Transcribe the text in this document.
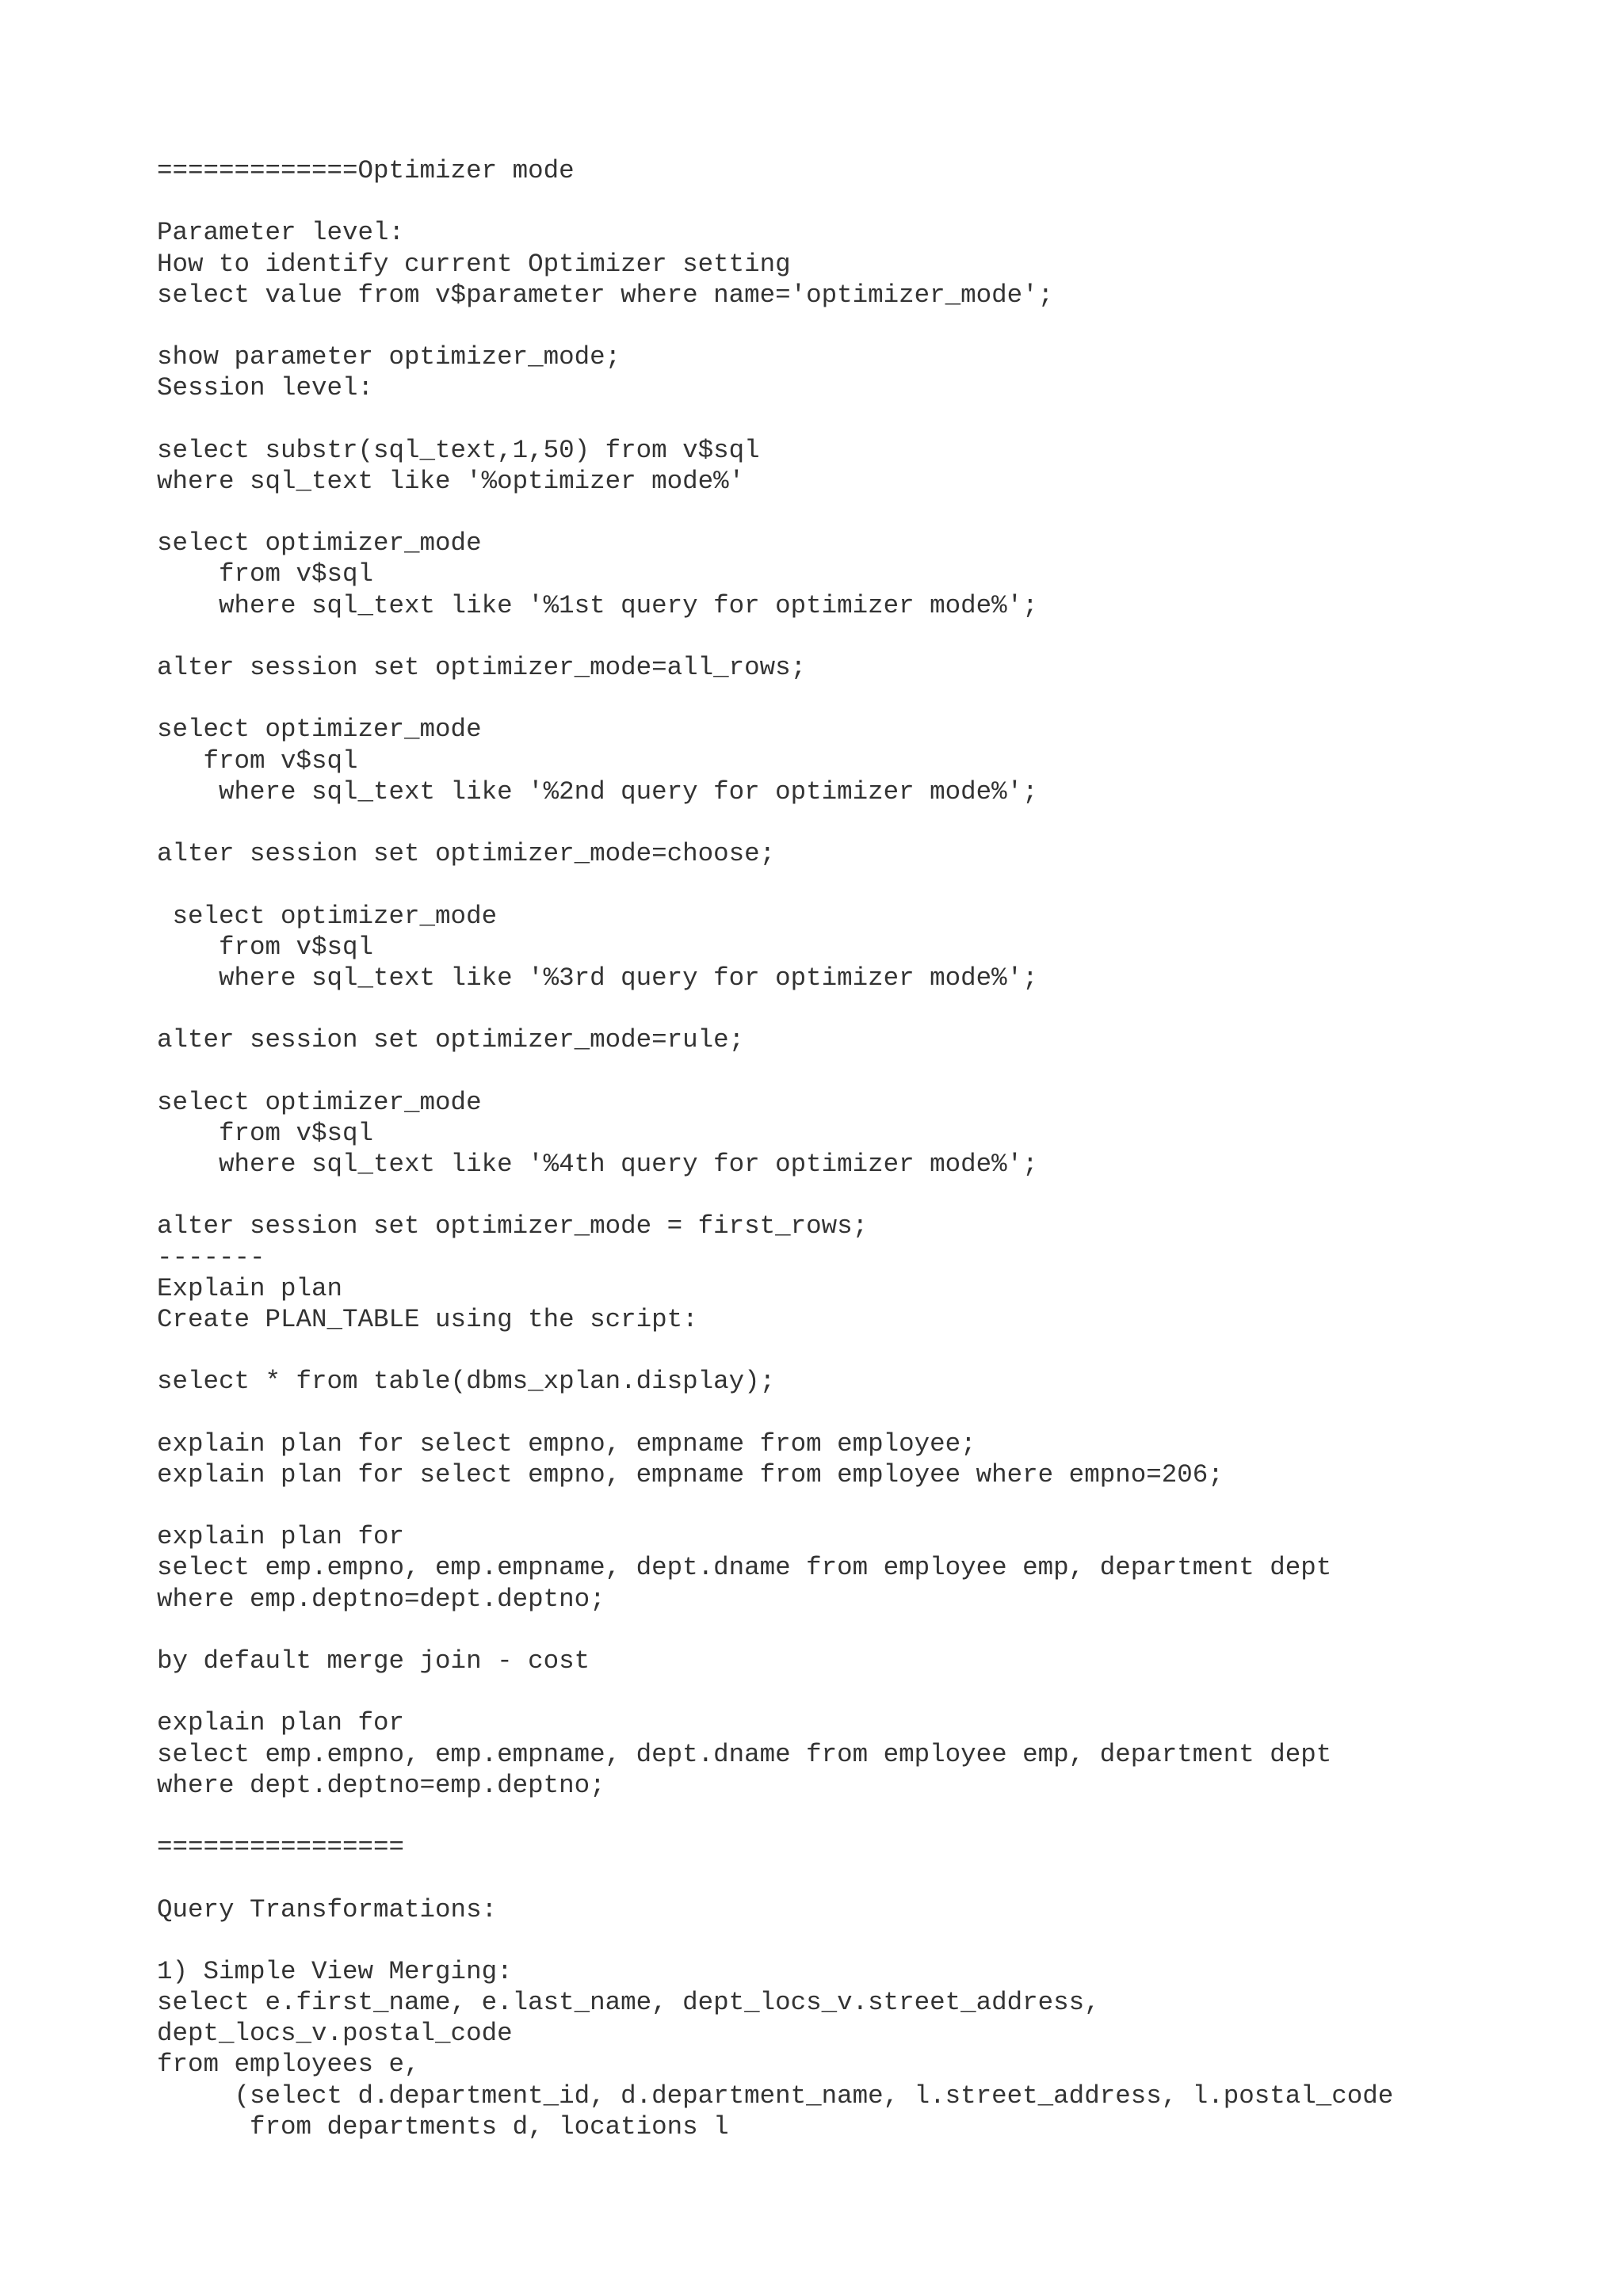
=============Optimizer mode
Parameter level:
How to identify current Optimizer setting
select value from v$parameter where name='optimizer_mode';
show parameter optimizer_mode;
Session level:
select substr(sql_text,1,50) from v$sql
where sql_text like '%optimizer mode%'
select optimizer_mode
from v$sql
where sql_text like '%1st query for optimizer mode%';
alter session set optimizer_mode=all_rows;
select optimizer_mode
from v$sql
where sql_text like '%2nd query for optimizer mode%';
alter session set optimizer_mode=choose;
select optimizer_mode
from v$sql
where sql_text like '%3rd query for optimizer mode%';
alter session set optimizer_mode=rule;
select optimizer_mode
from v$sql
where sql_text like '%4th query for optimizer mode%';
alter session set optimizer_mode = first_rows;
-------
Explain plan
Create PLAN_TABLE using the script:
select * from table(dbms_xplan.display);
explain plan for select empno, empname from employee;
explain plan for select empno, empname from employee where empno=206;
explain plan for
select emp.empno, emp.empname, dept.dname from employee emp, department dept
where emp.deptno=dept.deptno;
by default merge join - cost
explain plan for
select emp.empno, emp.empname, dept.dname from employee emp, department dept
where dept.deptno=emp.deptno;
================
Query Transformations:
1) Simple View Merging:
select e.first_name, e.last_name, dept_locs_v.street_address,
dept_locs_v.postal_code
from employees e,
(select d.department_id, d.department_name, l.street_address, l.postal_code
from departments d, locations l
